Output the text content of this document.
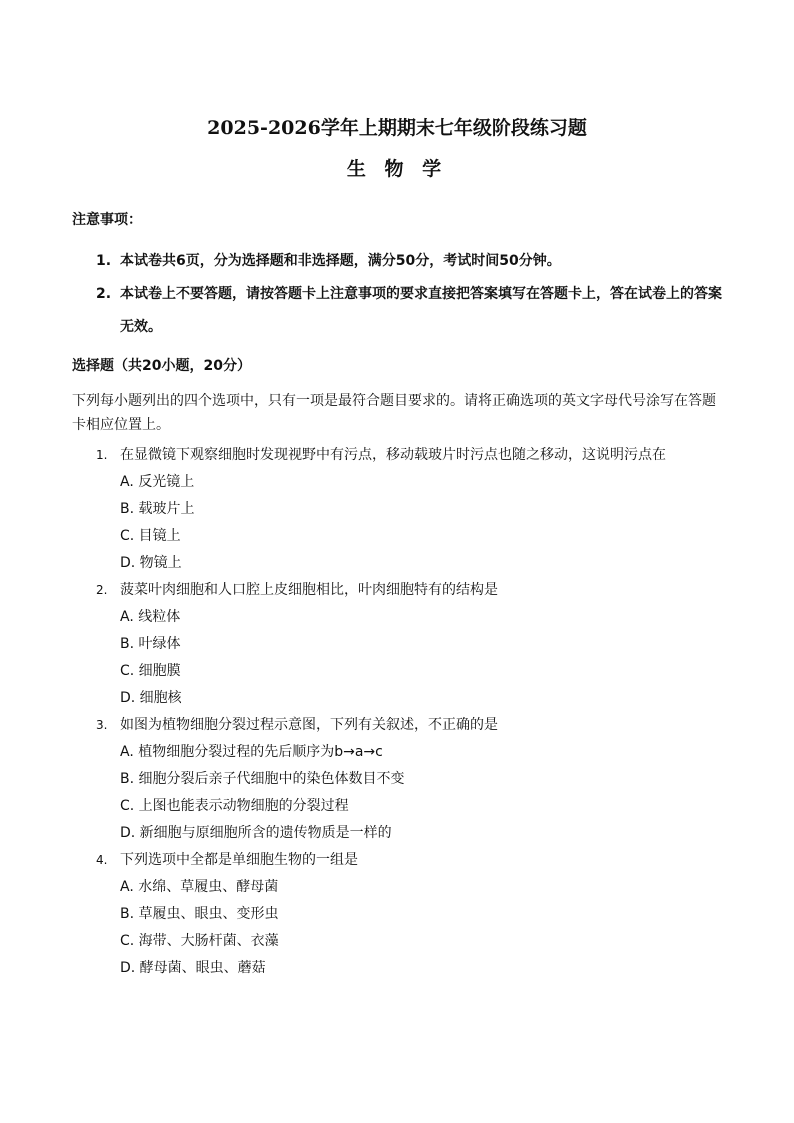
2025-2026学年上期期末七年级阶段练习题
生 物 学
注意事项：
1. 本试卷共6页，分为选择题和非选择题，满分50分，考试时间50分钟。
2. 本试卷上不要答题，请按答题卡上注意事项的要求直接把答案填写在答题卡上，答在试卷上的答案无效。
选择题（共20小题，20分）
下列每小题列出的四个选项中，只有一项是最符合题目要求的。请将正确选项的英文字母代号涂写在答题卡相应位置上。
1. 在显微镜下观察细胞时发现视野中有污点，移动载玻片时污点也随之移动，这说明污点在
A. 反光镜上
B. 载玻片上
C. 目镜上
D. 物镜上
2. 菠菜叶肉细胞和人口腔上皮细胞相比，叶肉细胞特有的结构是
A. 线粒体
B. 叶绿体
C. 细胞膜
D. 细胞核
3. 如图为植物细胞分裂过程示意图，下列有关叙述，不正确的是
A. 植物细胞分裂过程的先后顺序为b→a→c
B. 细胞分裂后亲子代细胞中的染色体数目不变
C. 上图也能表示动物细胞的分裂过程
D. 新细胞与原细胞所含的遗传物质是一样的
4. 下列选项中全都是单细胞生物的一组是
A. 水绵、草履虫、酵母菌
B. 草履虫、眼虫、变形虫
C. 海带、大肠杆菌、衣藻
D. 酵母菌、眼虫、蘑菇
